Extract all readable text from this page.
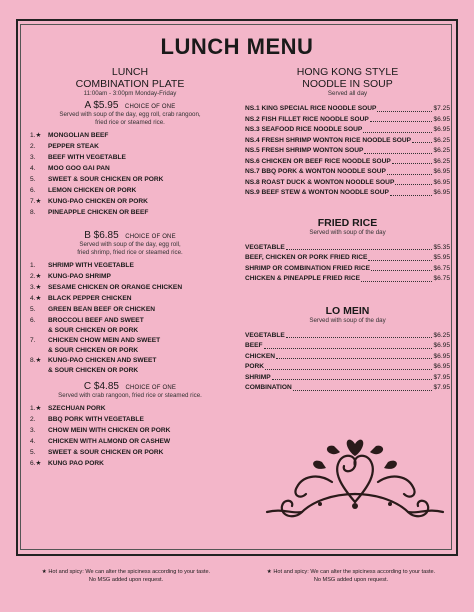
LUNCH MENU
LUNCH
COMBINATION PLATE
11:00am - 3:00pm Monday-Friday
A $5.95 CHOICE OF ONE
Served with soup of the day, egg roll, crab rangoon,
fried rice or steamed rice.
1.★ MONGOLIAN BEEF
2.	PEPPER STEAK
3.	BEEF WITH VEGETABLE
4.	MOO GOO GAI PAN
5.	SWEET & SOUR CHICKEN OR PORK
6.	LEMON CHICKEN OR PORK
7.★ KUNG-PAO CHICKEN OR PORK
8.	PINEAPPLE CHICKEN OR BEEF
B $6.85 CHOICE OF ONE
Served with soup of the day, egg roll,
fried shrimp, fried rice or steamed rice.
1.	SHRIMP WITH VEGETABLE
2.★ KUNG-PAO SHRIMP
3.★ SESAME CHICKEN OR ORANGE CHICKEN
4.★ BLACK PEPPER CHICKEN
5.	GREEN BEAN BEEF OR CHICKEN
6.	BROCCOLI BEEF AND SWEET
& SOUR CHICKEN OR PORK
7.	CHICKEN CHOW MEIN AND SWEET
& SOUR CHICKEN OR PORK
8.★ KUNG-PAO CHICKEN AND SWEET
& SOUR CHICKEN OR PORK
C $4.85 CHOICE OF ONE
Served with crab rangoon, fried rice or steamed rice.
1.★ SZECHUAN PORK
2.	BBQ PORK WITH VEGETABLE
3.	CHOW MEIN WITH CHICKEN OR PORK
4.	CHICKEN WITH ALMOND OR CASHEW
5.	SWEET & SOUR CHICKEN OR PORK
6.★ KUNG PAO PORK
HONG KONG STYLE
NOODLE IN SOUP
Served all day
NS.1 KING SPECIAL RICE NOODLE SOUP	$7.25
NS.2 FISH FILLET RICE NOODLE SOUP	$6.95
NS.3 SEAFOOD RICE NOODLE SOUP	$6.95
NS.4 FRESH SHRIMP WONTON RICE NOODLE SOUP	$6.25
NS.5 FRESH SHRIMP WONTON SOUP	$6.25
NS.6 CHICKEN OR BEEF RICE NOODLE SOUP	$6.25
NS.7 BBQ PORK & WONTON NOODLE SOUP	$6.95
NS.8 ROAST DUCK & WONTON NOODLE SOUP	$6.95
NS.9 BEEF STEW & WONTON NOODLE SOUP	$6.95
FRIED RICE
Served with soup of the day
VEGETABLE	$5.35
BEEF, CHICKEN OR PORK FRIED RICE	$5.95
SHRIMP OR COMBINATION FRIED RICE	$6.75
CHICKEN & PINEAPPLE FRIED RICE	$6.75
LO MEIN
Served with soup of the day
VEGETABLE	$6.25
BEEF	$6.95
CHICKEN	$6.95
PORK	$6.95
SHRIMP	$7.95
COMBINATION	$7.95
★ Hot and spicy: We can alter the spiciness according to your taste.
No MSG added upon request.
★ Hot and spicy: We can alter the spiciness according to your taste.
No MSG added upon request.
